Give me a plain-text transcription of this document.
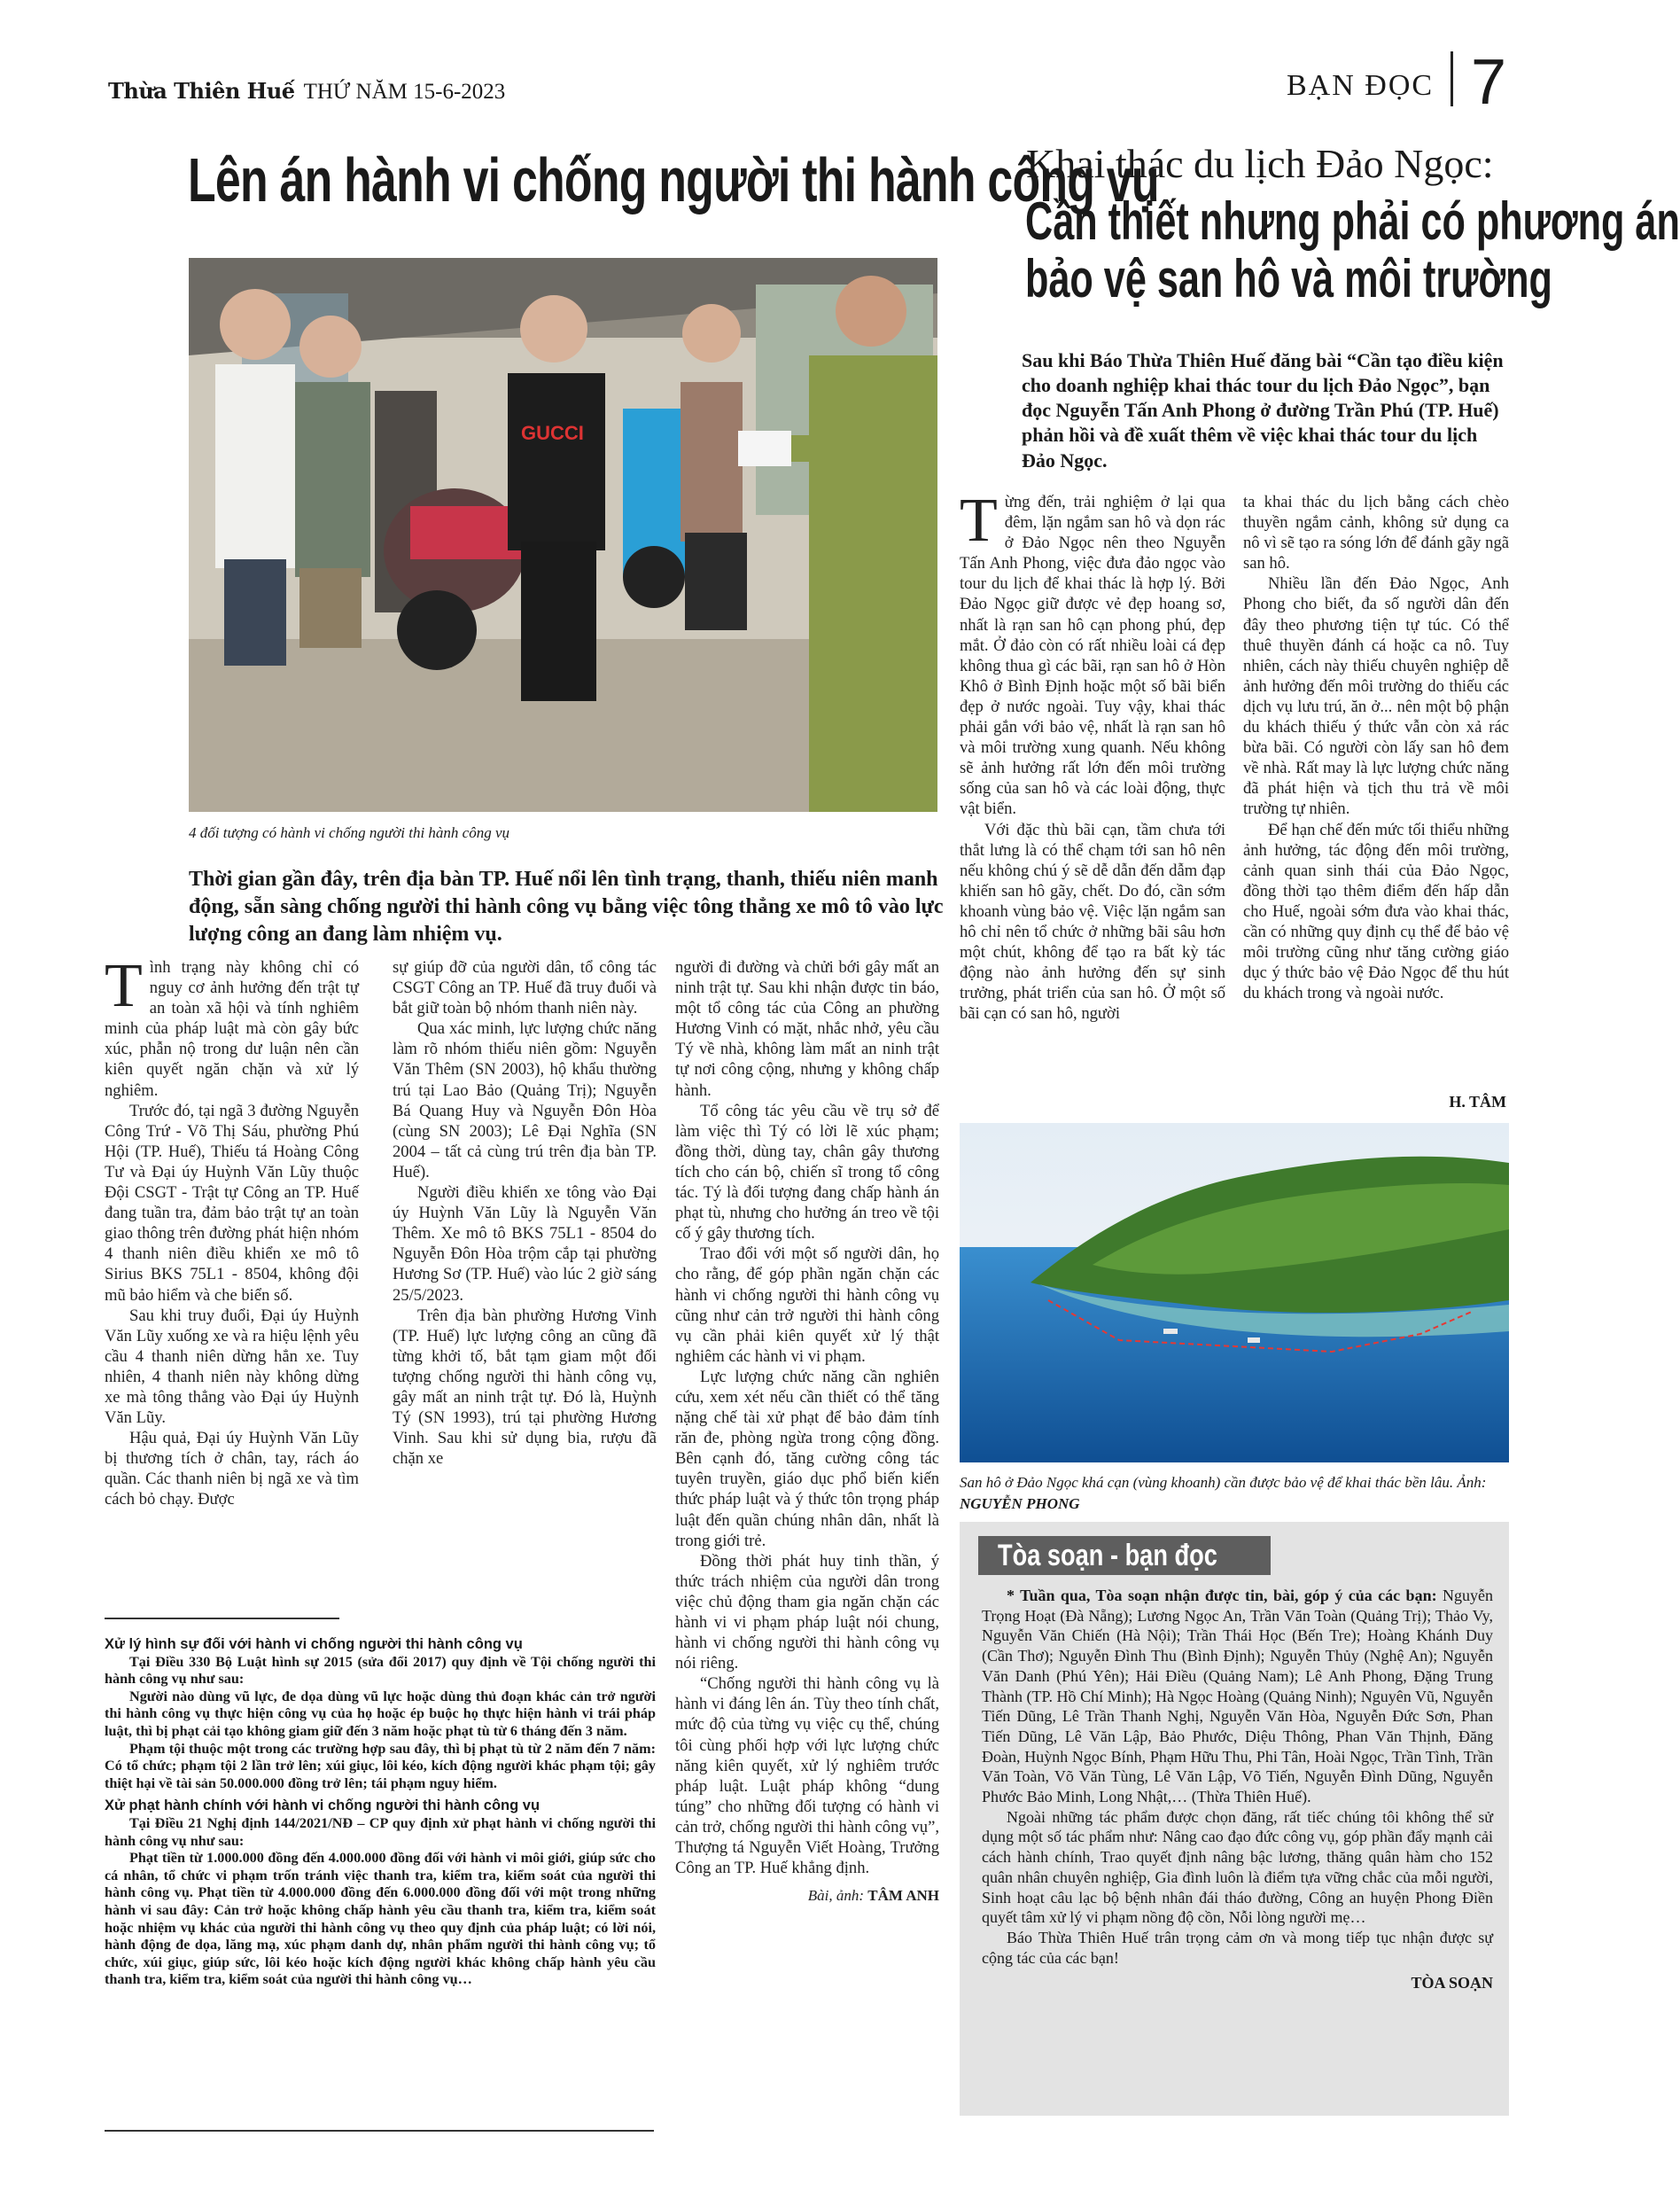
Thừa Thiên Huế THỨ NĂM 15-6-2023	BẠN ĐỌC 7
Lên án hành vi chống người thi hành công vụ
GUCCI
4 đối tượng có hành vi chống người thi hành công vụ
Thời gian gần đây, trên địa bàn TP. Huế nổi lên tình trạng, thanh, thiếu niên manh động, sẵn sàng chống người thi hành công vụ bằng việc tông thẳng xe mô tô vào lực lượng công an đang làm nhiệm vụ.
T ình trạng này không chỉ có nguy cơ ảnh hưởng đến trật tự an toàn xã hội và tính nghiêm minh của pháp luật mà còn gây bức xúc, phẫn nộ trong dư luận nên cần kiên quyết ngăn chặn và xử lý nghiêm.

Trước đó, tại ngã 3 đường Nguyễn Công Trứ - Võ Thị Sáu, phường Phú Hội (TP. Huế), Thiếu tá Hoàng Công Tư và Đại úy Huỳnh Văn Lũy thuộc Đội CSGT - Trật tự Công an TP. Huế đang tuần tra, đảm bảo trật tự an toàn giao thông trên đường phát hiện nhóm 4 thanh niên điều khiển xe mô tô Sirius BKS 75L1 - 8504, không đội mũ bảo hiểm và che biển số.

Sau khi truy đuổi, Đại úy Huỳnh Văn Lũy xuống xe và ra hiệu lệnh yêu cầu 4 thanh niên dừng hẳn xe. Tuy nhiên, 4 thanh niên này không dừng xe mà tông thẳng vào Đại úy Huỳnh Văn Lũy.

Hậu quả, Đại úy Huỳnh Văn Lũy bị thương tích ở chân, tay, rách áo quần. Các thanh niên bị ngã xe và tìm cách bỏ chạy. Được

sự giúp đỡ của người dân, tổ công tác CSGT Công an TP. Huế đã truy đuổi và bắt giữ toàn bộ nhóm thanh niên này.

Qua xác minh, lực lượng chức năng làm rõ nhóm thiếu niên gồm: Nguyễn Văn Thêm (SN 2003), hộ khẩu thường trú tại Lao Bảo (Quảng Trị); Nguyễn Bá Quang Huy và Nguyễn Đôn Hòa (cùng SN 2003); Lê Đại Nghĩa (SN 2004 – tất cả cùng trú trên địa bàn TP. Huế).

Người điều khiển xe tông vào Đại úy Huỳnh Văn Lũy là Nguyễn Văn Thêm. Xe mô tô BKS 75L1 - 8504 do Nguyễn Đôn Hòa trộm cắp tại phường Hương Sơ (TP. Huế) vào lúc 2 giờ sáng 25/5/2023.

Trên địa bàn phường Hương Vinh (TP. Huế) lực lượng công an cũng đã từng khởi tố, bắt tạm giam một đối tượng chống người thi hành công vụ, gây mất an ninh trật tự. Đó là, Huỳnh Tý (SN 1993), trú tại phường Hương Vinh. Sau khi sử dụng bia, rượu đã chặn xe

người đi đường và chửi bới gây mất an ninh trật tự. Sau khi nhận được tin báo, một tổ công tác của Công an phường Hương Vinh có mặt, nhắc nhở, yêu cầu Tý về nhà, không làm mất an ninh trật tự nơi công cộng, nhưng y không chấp hành.

Tổ công tác yêu cầu về trụ sở để làm việc thì Tý có lời lẽ xúc phạm; đồng thời, dùng tay, chân gây thương tích cho cán bộ, chiến sĩ trong tổ công tác. Tý là đối tượng đang chấp hành án phạt tù, nhưng cho hưởng án treo về tội cố ý gây thương tích.

Trao đổi với một số người dân, họ cho rằng, để góp phần ngăn chặn các hành vi chống người thi hành công vụ cũng như cản trở người thi hành công vụ cần phải kiên quyết xử lý thật nghiêm các hành vi vi phạm.

Lực lượng chức năng cần nghiên cứu, xem xét nếu cần thiết có thể tăng nặng chế tài xử phạt để bảo đảm tính răn đe, phòng ngừa trong cộng đồng. Bên cạnh đó, tăng cường công tác tuyên truyền, giáo dục phổ biến kiến thức pháp luật và ý thức tôn trọng pháp luật đến quần chúng nhân dân, nhất là trong giới trẻ.

Đồng thời phát huy tinh thần, ý thức trách nhiệm của người dân trong việc chủ động tham gia ngăn chặn các hành vi vi phạm pháp luật nói chung, hành vi chống người thi hành công vụ nói riêng.

“Chống người thi hành công vụ là hành vi đáng lên án. Tùy theo tính chất, mức độ của từng vụ việc cụ thể, chúng tôi cùng phối hợp với lực lượng chức năng kiên quyết, xử lý nghiêm trước pháp luật. Luật pháp không “dung túng” cho những đối tượng có hành vi cản trở, chống người thi hành công vụ”, Thượng tá Nguyễn Viết Hoàng, Trưởng Công an TP. Huế khẳng định.

Bài, ảnh: TÂM ANH
Xử lý hình sự đối với hành vi chống người thi hành công vụ

Tại Điều 330 Bộ Luật hình sự 2015 (sửa đổi 2017) quy định về Tội chống người thi hành công vụ như sau:

Người nào dùng vũ lực, đe dọa dùng vũ lực hoặc dùng thủ đoạn khác cản trở người thi hành công vụ thực hiện công vụ của họ hoặc ép buộc họ thực hiện hành vi trái pháp luật, thì bị phạt cải tạo không giam giữ đến 3 năm hoặc phạt tù từ 6 tháng đến 3 năm.

Phạm tội thuộc một trong các trường hợp sau đây, thì bị phạt tù từ 2 năm đến 7 năm: Có tổ chức; phạm tội 2 lần trở lên; xúi giục, lôi kéo, kích động người khác phạm tội; gây thiệt hại về tài sản 50.000.000 đồng trở lên; tái phạm nguy hiểm.

Xử phạt hành chính với hành vi chống người thi hành công vụ

Tại Điều 21 Nghị định 144/2021/NĐ – CP quy định xử phạt hành vi chống người thi hành công vụ như sau:

Phạt tiền từ 1.000.000 đồng đến 4.000.000 đồng đối với hành vi môi giới, giúp sức cho cá nhân, tổ chức vi phạm trốn tránh việc thanh tra, kiểm tra, kiểm soát của người thi hành công vụ. Phạt tiền từ 4.000.000 đồng đến 6.000.000 đồng đối với một trong những hành vi sau đây: Cản trở hoặc không chấp hành yêu cầu thanh tra, kiểm tra, kiểm soát hoặc nhiệm vụ khác của người thi hành công vụ theo quy định của pháp luật; có lời nói, hành động đe dọa, lăng mạ, xúc phạm danh dự, nhân phẩm người thi hành công vụ; tổ chức, xúi giục, giúp sức, lôi kéo hoặc kích động người khác không chấp hành yêu cầu thanh tra, kiểm tra, kiểm soát của người thi hành công vụ…

Khai thác du lịch Đảo Ngọc:
Cần thiết nhưng phải có phương án
bảo vệ san hô và môi trường
Sau khi Báo Thừa Thiên Huế đăng bài “Cần tạo điều kiện cho doanh nghiệp khai thác tour du lịch Đảo Ngọc”, bạn đọc Nguyễn Tấn Anh Phong ở đường Trần Phú (TP. Huế) phản hồi và đề xuất thêm về việc khai thác tour du lịch Đảo Ngọc.
T ừng đến, trải nghiệm ở lại qua đêm, lặn ngắm san hô và dọn rác ở Đảo Ngọc nên theo Nguyễn Tấn Anh Phong, việc đưa đảo ngọc vào tour du lịch để khai thác là hợp lý. Bởi Đảo Ngọc giữ được vẻ đẹp hoang sơ, nhất là rạn san hô cạn phong phú, đẹp mắt. Ở đảo còn có rất nhiều loài cá đẹp không thua gì các bãi, rạn san hô ở Hòn Khô ở Bình Định hoặc một số bãi biển đẹp ở nước ngoài. Tuy vậy, khai thác phải gắn với bảo vệ, nhất là rạn san hô và môi trường xung quanh. Nếu không sẽ ảnh hưởng rất lớn đến môi trường sống của san hô và các loài động, thực vật biển.

Với đặc thù bãi cạn, tầm chưa tới thắt lưng là có thể chạm tới san hô nên nếu không chú ý sẽ dễ dẫn đến dẫm đạp khiến san hô gãy, chết. Do đó, cần sớm khoanh vùng bảo vệ. Việc lặn ngắm san hô chỉ nên tổ chức ở những bãi sâu hơn một chút, không để tạo ra bất kỳ tác động nào ảnh hưởng đến sự sinh trưởng, phát triển của san hô. Ở một số bãi cạn có san hô, người

ta khai thác du lịch bằng cách chèo thuyền ngắm cảnh, không sử dụng ca nô vì sẽ tạo ra sóng lớn để đánh gãy ngã san hô.

Nhiều lần đến Đảo Ngọc, Anh Phong cho biết, đa số người dân đến đây theo phương tiện tự túc. Có thể thuê thuyền đánh cá hoặc ca nô. Tuy nhiên, cách này thiếu chuyên nghiệp dễ ảnh hưởng đến môi trường do thiếu các dịch vụ lưu trú, ăn ở... nên một bộ phận du khách thiếu ý thức vẫn còn xả rác bừa bãi. Có người còn lấy san hô đem về nhà. Rất may là lực lượng chức năng đã phát hiện và tịch thu trả về môi trường tự nhiên.

Để hạn chế đến mức tối thiểu những ảnh hưởng, tác động đến môi trường, cảnh quan sinh thái của Đảo Ngọc, đồng thời tạo thêm điểm đến hấp dẫn cho Huế, ngoài sớm đưa vào khai thác, cần có những quy định cụ thể để bảo vệ môi trường cũng như tăng cường giáo dục ý thức bảo vệ Đảo Ngọc để thu hút du khách trong và ngoài nước.

H. TÂM
San hô ở Đảo Ngọc khá cạn (vùng khoanh) cần được bảo vệ để khai thác bền lâu. Ảnh: NGUYỄN PHONG
Tòa soạn - bạn đọc

* Tuần qua, Tòa soạn nhận được tin, bài, góp ý của các bạn: Nguyễn Trọng Hoạt (Đà Nẵng); Lương Ngọc An, Trần Văn Toàn (Quảng Trị); Thảo Vy, Nguyễn Văn Chiến (Hà Nội); Trần Thái Học (Bến Tre); Hoàng Khánh Duy (Cần Thơ); Nguyễn Đình Thu (Bình Định); Nguyễn Thủy (Nghệ An); Nguyễn Văn Danh (Phú Yên); Hải Điều (Quảng Nam); Lê Anh Phong, Đặng Trung Thành (TP. Hồ Chí Minh); Hà Ngọc Hoàng (Quảng Ninh); Nguyên Vũ, Nguyễn Tiến Dũng, Lê Trần Thanh Nghị, Nguyễn Văn Hòa, Nguyễn Đức Sơn, Phan Tiến Dũng, Lê Văn Lập, Bảo Phước, Diệu Thông, Phan Văn Thịnh, Đăng Đoàn, Huỳnh Ngọc Bính, Phạm Hữu Thu, Phi Tân, Hoài Ngọc, Trần Tình, Trần Văn Toàn, Võ Văn Tùng, Lê Văn Lập, Võ Tiến, Nguyễn Đình Dũng, Nguyễn Phước Bảo Minh, Long Nhật,… (Thừa Thiên Huế).

Ngoài những tác phẩm được chọn đăng, rất tiếc chúng tôi không thể sử dụng một số tác phẩm như: Nâng cao đạo đức công vụ, góp phần đẩy mạnh cải cách hành chính, Trao quyết định nâng bậc lương, thăng quân hàm cho 152 quân nhân chuyên nghiệp, Gia đình luôn là điểm tựa vững chắc của mỗi người, Sinh hoạt câu lạc bộ bệnh nhân đái tháo đường, Công an huyện Phong Điền quyết tâm xử lý vi phạm nồng độ cồn, Nỗi lòng người mẹ…

Báo Thừa Thiên Huế trân trọng cảm ơn và mong tiếp tục nhận được sự cộng tác của các bạn!

TÒA SOẠN
